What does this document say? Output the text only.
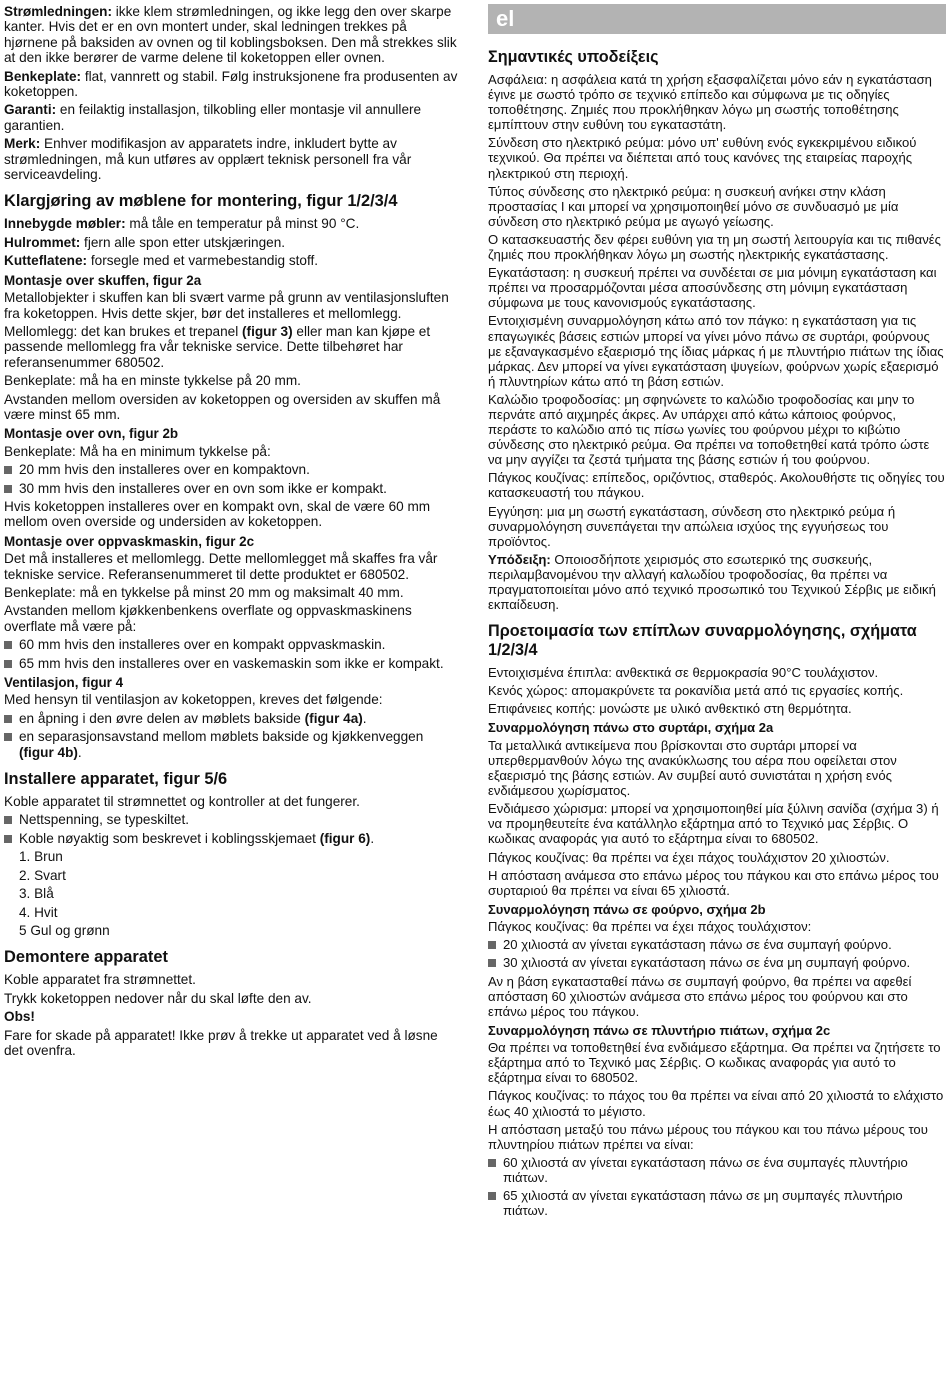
Strømledningen: ikke klem strømledningen, og ikke legg den over skarpe kanter. Hvis det er en ovn montert under, skal ledningen trekkes på hjørnene på baksiden av ovnen og til koblingsboksen. Den må strekkes slik at den ikke berører de varme delene til koketoppen eller ovnen.

Benkeplate: flat, vannrett og stabil. Følg instruksjonene fra produsenten av koketoppen.

Garanti: en feilaktig installasjon, tilkobling eller montasje vil annullere garantien.

Merk: Enhver modifikasjon av apparatets indre, inkludert bytte av strømledningen, må kun utføres av opplært teknisk personell fra vår serviceavdeling.

Klargjøring av møblene for montering, figur 1/2/3/4

Innebygde møbler: må tåle en temperatur på minst 90 °C.

Hulrommet: fjern alle spon etter utskjæringen.

Kutteflatene: forsegle med et varmebestandig stoff.

Montasje over skuffen, figur 2a

Metallobjekter i skuffen kan bli svært varme på grunn av ventilasjonsluften fra koketoppen. Hvis dette skjer, bør det installeres et mellomlegg.

Mellomlegg: det kan brukes et trepanel (figur 3) eller man kan kjøpe et passende mellomlegg fra vår tekniske service. Dette tilbehøret har referansenummer 680502.

Benkeplate: må ha en minste tykkelse på 20 mm.

Avstanden mellom oversiden av koketoppen og oversiden av skuffen må være minst 65 mm.

Montasje over ovn, figur 2b

Benkeplate: Må ha en minimum tykkelse på:

20 mm hvis den installeres over en kompaktovn.
30 mm hvis den installeres over en ovn som ikke er kompakt.

Hvis koketoppen installeres over en kompakt ovn, skal de være 60 mm mellom oven overside og undersiden av koketoppen.

Montasje over oppvaskmaskin, figur 2c

Det må installeres et mellomlegg. Dette mellomlegget må skaffes fra vår tekniske service. Referansenummeret til dette produktet er 680502.

Benkeplate: må en tykkelse på minst 20 mm og maksimalt 40 mm.

Avstanden mellom kjøkkenbenkens overflate og oppvaskmaskinens overflate må være på:

60 mm hvis den installeres over en kompakt oppvaskmaskin.
65 mm hvis den installeres over en vaskemaskin som ikke er kompakt.
Ventilasjon, figur 4

Med hensyn til ventilasjon av koketoppen, kreves det følgende:

en åpning i den øvre delen av møblets bakside (figur 4a).
en separasjonsavstand mellom møblets bakside og kjøkkenveggen (figur 4b).
Installere apparatet, figur 5/6

Koble apparatet til strømnettet og kontroller at det fungerer.

Nettspenning, se typeskiltet.
Koble nøyaktig som beskrevet i koblingsskjemaet (figur 6).

1. Brun

2. Svart

3. Blå

4. Hvit

5 Gul og grønn

Demontere apparatet

Koble apparatet fra strømnettet.

Trykk koketoppen nedover når du skal løfte den av.

Obs!

Fare for skade på apparatet! Ikke prøv å trekke ut apparatet ved å løsne det ovenfra.

el
Σημαντικές υποδείξεις

Ασφάλεια: η ασφάλεια κατά τη χρήση εξασφαλίζεται μόνο εάν η εγκατάσταση έγινε με σωστό τρόπο σε τεχνικό επίπεδο και σύμφωνα με τις οδηγίες τοποθέτησης. Ζημιές που προκλήθηκαν λόγω μη σωστής τοποθέτησης εμπίπτουν στην ευθύνη του εγκαταστάτη.

Σύνδεση στο ηλεκτρικό ρεύμα: μόνο υπ' ευθύνη ενός εγκεκριμένου ειδικού τεχνικού. Θα πρέπει να διέπεται από τους κανόνες της εταιρείας παροχής ηλεκτρικού στη περιοχή.

Τύπος σύνδεσης στο ηλεκτρικό ρεύμα: η συσκευή ανήκει στην κλάση προστασίας I και μπορεί να χρησιμοποιηθεί μόνο σε συνδυασμό με μία σύνδεση στο ηλεκτρικό ρεύμα με αγωγό γείωσης.

Ο κατασκευαστής δεν φέρει ευθύνη για τη μη σωστή λειτουργία και τις πιθανές ζημιές που προκλήθηκαν λόγω μη σωστής ηλεκτρικής εγκατάστασης.

Εγκατάσταση: η συσκευή πρέπει να συνδέεται σε μια μόνιμη εγκατάσταση και πρέπει να προσαρμόζονται μέσα αποσύνδεσης στη μόνιμη εγκατάσταση σύμφωνα με τους κανονισμούς εγκατάστασης.

Εντοιχισμένη συναρμολόγηση κάτω από τον πάγκο: η εγκατάσταση για τις επαγωγικές βάσεις εστιών μπορεί να γίνει μόνο πάνω σε συρτάρι, φούρνους με εξαναγκασμένο εξαερισμό της ίδιας μάρκας ή με πλυντήριο πιάτων της ίδιας μάρκας. Δεν μπορεί να γίνει εγκατάσταση ψυγείων, φούρνων χωρίς εξαερισμό ή πλυντηρίων κάτω από τη βάση εστιών.

Καλώδιο τροφοδοσίας: μη σφηνώνετε το καλώδιο τροφοδοσίας και μην το περνάτε από αιχμηρές άκρες. Αν υπάρχει από κάτω κάποιος φούρνος, περάστε το καλώδιο από τις πίσω γωνίες του φούρνου μέχρι το κιβώτιο σύνδεσης στο ηλεκτρικό ρεύμα. Θα πρέπει να τοποθετηθεί κατά τρόπο ώστε να μην αγγίζει τα ζεστά τμήματα της βάσης εστιών ή του φούρνου.

Πάγκος κουζίνας: επίπεδος, οριζόντιος, σταθερός. Ακολουθήστε τις οδηγίες του κατασκευαστή του πάγκου.

Εγγύηση: μια μη σωστή εγκατάσταση, σύνδεση στο ηλεκτρικό ρεύμα ή συναρμολόγηση συνεπάγεται την απώλεια ισχύος της εγγυήσεως του προϊόντος.

Υπόδειξη: Οποιοσδήποτε χειρισμός στο εσωτερικό της συσκευής, περιλαμβανομένου την αλλαγή καλωδίου τροφοδοσίας, θα πρέπει να πραγματοποιείται μόνο από τεχνικό προσωπικό του Τεχνικού Σέρβις με ειδική εκπαίδευση.

Προετοιμασία των επίπλων συναρμολόγησης, σχήματα 1/2/3/4

Εντοιχισμένα έπιπλα: ανθεκτικά σε θερμοκρασία 90°C τουλάχιστον.

Κενός χώρος: απομακρύνετε τα ροκανίδια μετά από τις εργασίες κοπής.

Επιφάνειες κοπής: μονώστε με υλικό ανθεκτικό στη θερμότητα.

Συναρμολόγηση πάνω στο συρτάρι, σχήμα 2a

Τα μεταλλικά αντικείμενα που βρίσκονται στο συρτάρι μπορεί να υπερθερμανθούν λόγω της ανακύκλωσης του αέρα που οφείλεται στον εξαερισμό της βάσης εστιών. Αν συμβεί αυτό συνιστάται η χρήση ενός ενδιάμεσου χωρίσματος.

Ενδιάμεσο χώρισμα: μπορεί να χρησιμοποιηθεί μία ξύλινη σανίδα (σχήμα 3) ή να προμηθευτείτε ένα κατάλληλο εξάρτημα από το Τεχνικό μας Σέρβις. Ο κωδικας αναφοράς για αυτό το εξάρτημα είναι το 680502.

Πάγκος κουζίνας: θα πρέπει να έχει πάχος τουλάχιστον 20 χιλιοστών.

Η απόσταση ανάμεσα στο επάνω μέρος του πάγκου και στο επάνω μέρος του συρταριού θα πρέπει να είναι 65 χιλιοστά.

Συναρμολόγηση πάνω σε φούρνο, σχήμα 2b

Πάγκος κουζίνας: θα πρέπει να έχει πάχος τουλάχιστον:

20 χιλιοστά αν γίνεται εγκατάσταση πάνω σε ένα συμπαγή φούρνο.
30 χιλιοστά αν γίνεται εγκατάσταση πάνω σε ένα μη συμπαγή φούρνο.

Αν η βάση εγκατασταθεί πάνω σε συμπαγή φούρνο, θα πρέπει να αφεθεί απόσταση 60 χιλιοστών ανάμεσα στο επάνω μέρος του φούρνου και στο επάνω μέρος του πάγκου.

Συναρμολόγηση πάνω σε πλυντήριο πιάτων, σχήμα 2c

Θα πρέπει να τοποθετηθεί ένα ενδιάμεσο εξάρτημα. Θα πρέπει να ζητήσετε το εξάρτημα από το Τεχνικό μας Σέρβις. Ο κωδικας αναφοράς για αυτό το εξάρτημα είναι το 680502.

Πάγκος κουζίνας: το πάχος του θα πρέπει να είναι από 20 χιλιοστά το ελάχιστο έως 40 χιλιοστά το μέγιστο.

Η απόσταση μεταξύ του πάνω μέρους του πάγκου και του πάνω μέρους του πλυντηρίου πιάτων πρέπει να είναι:

60 χιλιοστά αν γίνεται εγκατάσταση πάνω σε ένα συμπαγές πλυντήριο πιάτων.
65 χιλιοστά αν γίνεται εγκατάσταση πάνω σε μη συμπαγές πλυντήριο πιάτων.
